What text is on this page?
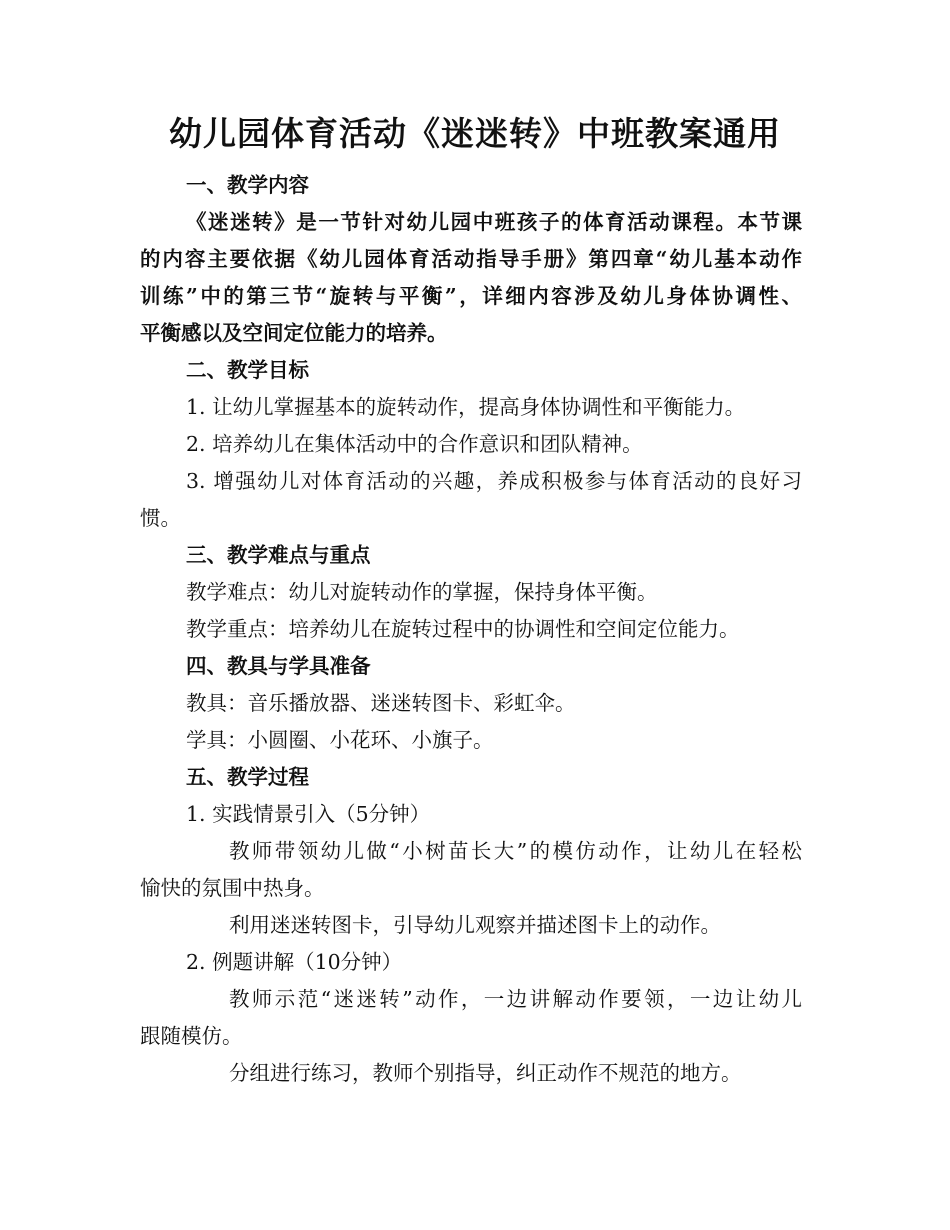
幼儿园体育活动《迷迷转》中班教案通用
一、教学内容
《迷迷转》是一节针对幼儿园中班孩子的体育活动课程。本节课
的内容主要依据《幼儿园体育活动指导手册》第四章“幼儿基本动作
训练”中的第三节“旋转与平衡”，详细内容涉及幼儿身体协调性、
平衡感以及空间定位能力的培养。
二、教学目标
1. 让幼儿掌握基本的旋转动作，提高身体协调性和平衡能力。
2. 培养幼儿在集体活动中的合作意识和团队精神。
3. 增强幼儿对体育活动的兴趣，养成积极参与体育活动的良好习
惯。
三、教学难点与重点
教学难点：幼儿对旋转动作的掌握，保持身体平衡。
教学重点：培养幼儿在旋转过程中的协调性和空间定位能力。
四、教具与学具准备
教具：音乐播放器、迷迷转图卡、彩虹伞。
学具：小圆圈、小花环、小旗子。
五、教学过程
1. 实践情景引入（5分钟）
教师带领幼儿做“小树苗长大”的模仿动作，让幼儿在轻松
愉快的氛围中热身。
利用迷迷转图卡，引导幼儿观察并描述图卡上的动作。
2. 例题讲解（10分钟）
教师示范“迷迷转”动作，一边讲解动作要领，一边让幼儿
跟随模仿。
分组进行练习，教师个别指导，纠正动作不规范的地方。
